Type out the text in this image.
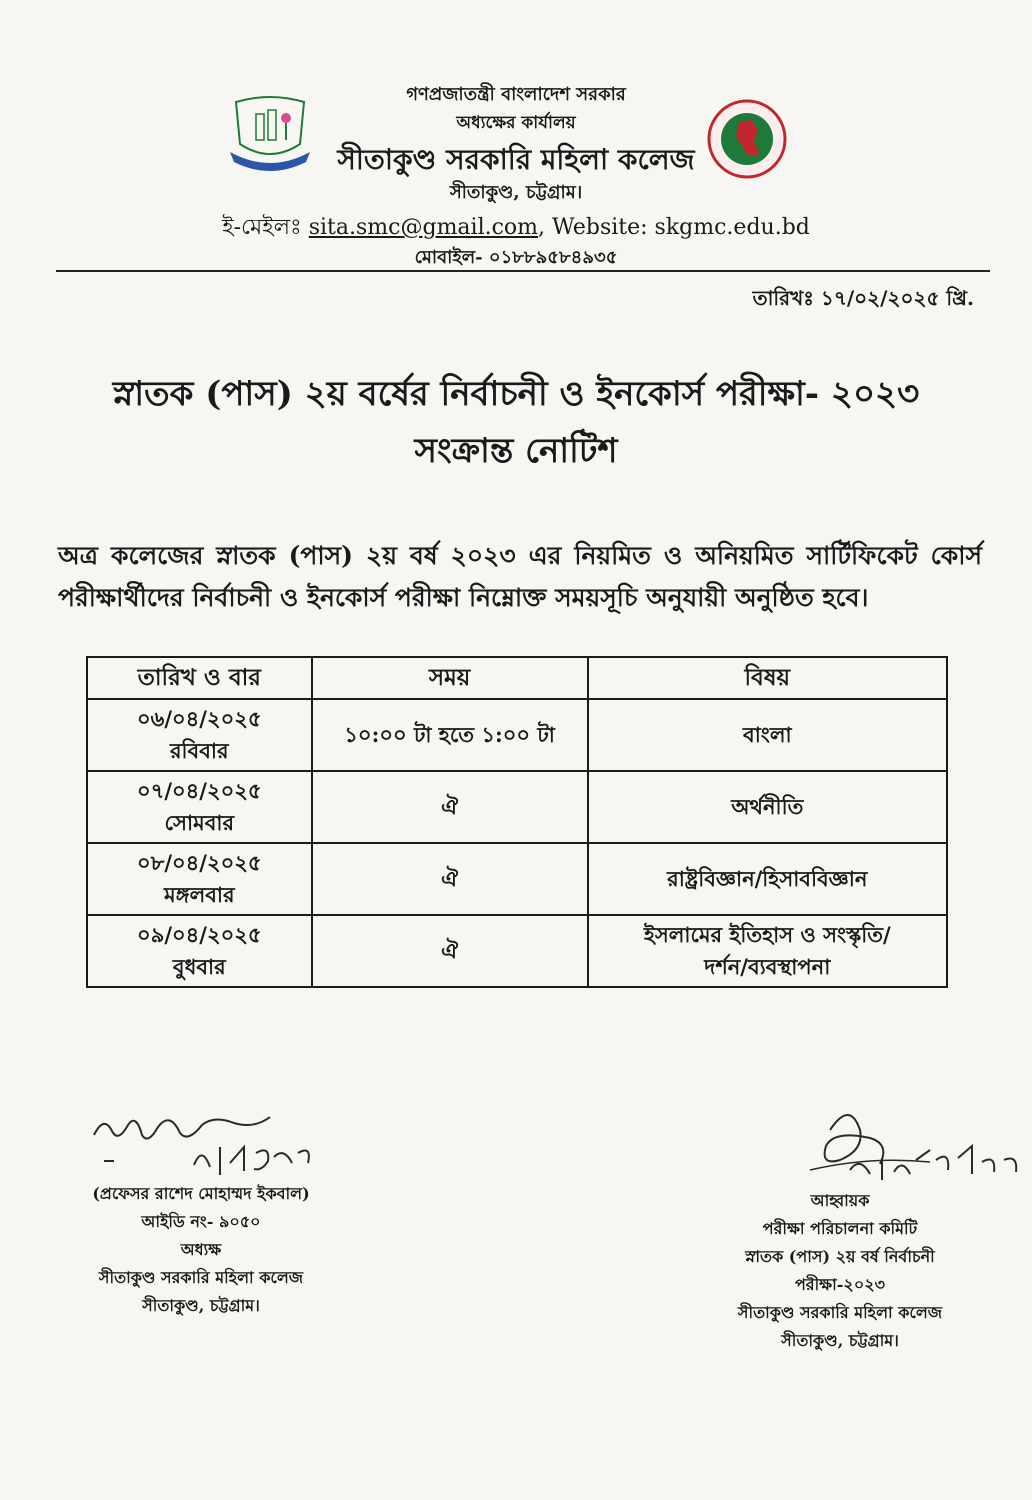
গণপ্রজাতন্ত্রী বাংলাদেশ সরকার
অধ্যক্ষের কার্যালয়
সীতাকুণ্ড সরকারি মহিলা কলেজ
সীতাকুণ্ড, চট্টগ্রাম।
ই-মেইলঃ sita.smc@gmail.com, Website: skgmc.edu.bd
মোবাইল- ০১৮৮৯৫৮৪৯৩৫
তারিখঃ ১৭/০২/২০২৫ খ্রি.
স্নাতক (পাস) ২য় বর্ষের নির্বাচনী ও ইনকোর্স পরীক্ষা- ২০২৩
সংক্রান্ত নোটিশ
অত্র কলেজের স্নাতক (পাস) ২য় বর্ষ ২০২৩ এর নিয়মিত ও অনিয়মিত সার্টিফিকেট কোর্স
পরীক্ষার্থীদের নির্বাচনী ও ইনকোর্স পরীক্ষা নিম্নোক্ত সময়সূচি অনুযায়ী অনুষ্ঠিত হবে।
তারিখ ও বার	সময়	বিষয়
০৬/০৪/২০২৫
রবিবার	১০:০০ টা হতে ১:০০ টা	বাংলা
০৭/০৪/২০২৫
সোমবার	ঐ	অর্থনীতি
০৮/০৪/২০২৫
মঙ্গলবার	ঐ	রাষ্ট্রবিজ্ঞান/হিসাববিজ্ঞান
০৯/০৪/২০২৫
বুধবার	ঐ	ইসলামের ইতিহাস ও সংস্কৃতি/
দর্শন/ব্যবস্থাপনা
(প্রফেসর রাশেদ মোহাম্মদ ইকবাল)
আইডি নং- ৯০৫০
অধ্যক্ষ
সীতাকুণ্ড সরকারি মহিলা কলেজ
সীতাকুণ্ড, চট্টগ্রাম।
আহ্বায়ক
পরীক্ষা পরিচালনা কমিটি
স্নাতক (পাস) ২য় বর্ষ নির্বাচনী
পরীক্ষা-২০২৩
সীতাকুণ্ড সরকারি মহিলা কলেজ
সীতাকুণ্ড, চট্টগ্রাম।
